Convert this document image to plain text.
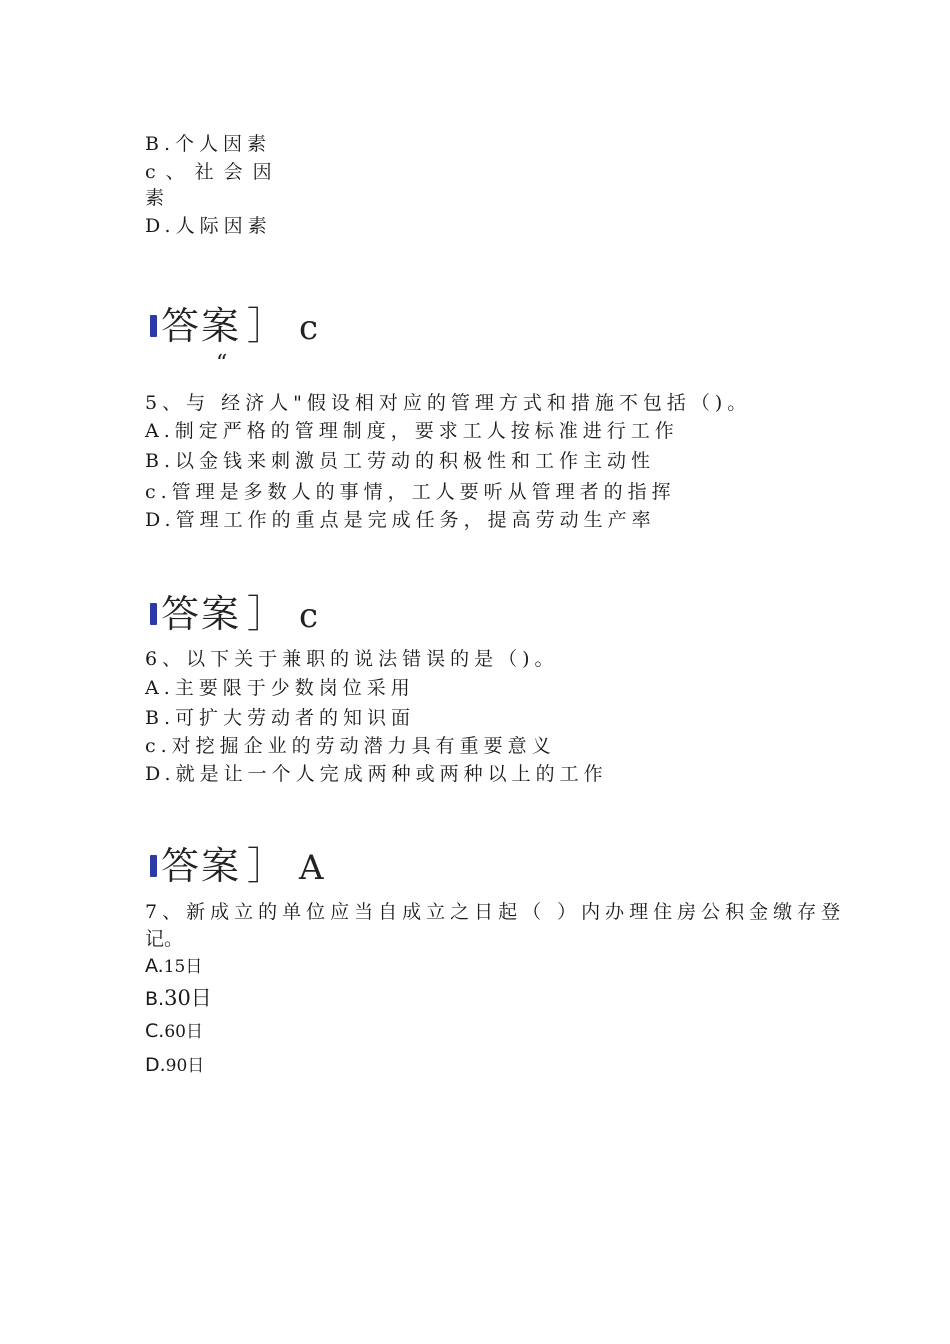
B.个人因素
c、社会因
素
D.人际因素
答案 ］ c
“
5、与 经济人"假设相对应的管理方式和措施不包括（)。
A.制定严格的管理制度，要求工人按标准进行工作
B.以金钱来刺激员工劳动的积极性和工作主动性
c.管理是多数人的事情，工人要听从管理者的指挥
D.管理工作的重点是完成任务，提高劳动生产率
答案 ］ c
6、以下关于兼职的说法错误的是（)。
A.主要限于少数岗位采用
B.可扩大劳动者的知识面
c.对挖掘企业的劳动潜力具有重要意义
D.就是让一个人完成两种或两种以上的工作
答案 ］ A
7、新成立的单位应当自成立之日起（ ）内办理住房公积金缴存登
记。
A.15日
B.30日
C.60日
D.90日
